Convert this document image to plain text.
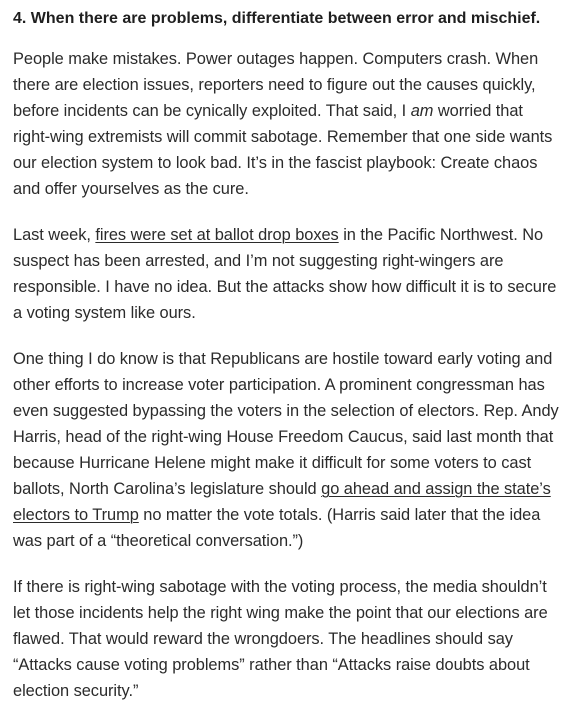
4. When there are problems, differentiate between error and mischief.

People make mistakes. Power outages happen. Computers crash. When there are election issues, reporters need to figure out the causes quickly, before incidents can be cynically exploited. That said, I am worried that right-wing extremists will commit sabotage. Remember that one side wants our election system to look bad. It’s in the fascist playbook: Create chaos and offer yourselves as the cure.

Last week, fires were set at ballot drop boxes in the Pacific Northwest. No suspect has been arrested, and I’m not suggesting right-wingers are responsible. I have no idea. But the attacks show how difficult it is to secure a voting system like ours.

One thing I do know is that Republicans are hostile toward early voting and other efforts to increase voter participation. A prominent congressman has even suggested bypassing the voters in the selection of electors. Rep. Andy Harris, head of the right-wing House Freedom Caucus, said last month that because Hurricane Helene might make it difficult for some voters to cast ballots, North Carolina’s legislature should go ahead and assign the state’s electors to Trump no matter the vote totals. (Harris said later that the idea was part of a “theoretical conversation.”)

If there is right-wing sabotage with the voting process, the media shouldn’t let those incidents help the right wing make the point that our elections are flawed. That would reward the wrongdoers. The headlines should say “Attacks cause voting problems” rather than “Attacks raise doubts about election security.”
